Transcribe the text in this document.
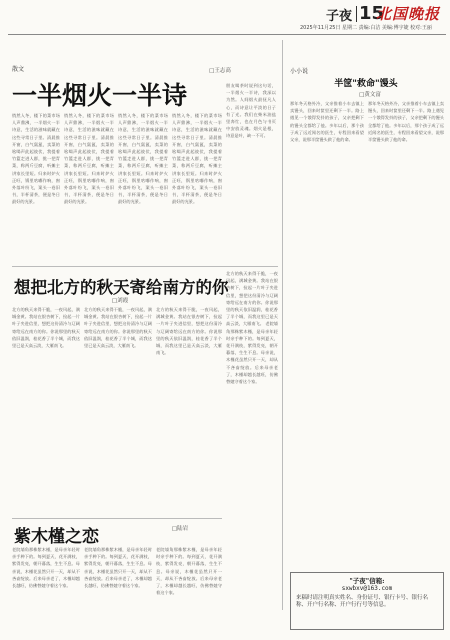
子夜 15
北国晚报
2025年11月25日 星期二 责编:白洁 美编:傅宇婕 校对:王丽
散文
一半烟火一半诗
□王志高
悄然入冬，楼下的菜市场人声鼎沸，一半烟火一半诗意，生活的滋味就藏在这些寻常日子里。清晨推开窗，白气氤氲，卖菜的吆喝声此起彼伏，我提着竹篮走进人群，挑一把青菜，称两斤豆腐，听摊主讲家长里短。归来时炉火正旺，锅里咕嘟作响，窗外落叶纷飞，案头一卷旧书，半杯清茶，便是冬日最好的光景。
悄然入冬，楼下的菜市场人声鼎沸，一半烟火一半诗意，生活的滋味就藏在这些寻常日子里。清晨推开窗，白气氤氲，卖菜的吆喝声此起彼伏，我提着竹篮走进人群，挑一把青菜，称两斤豆腐，听摊主讲家长里短。归来时炉火正旺，锅里咕嘟作响，窗外落叶纷飞，案头一卷旧书，半杯清茶，便是冬日最好的光景。
悄然入冬，楼下的菜市场人声鼎沸，一半烟火一半诗意，生活的滋味就藏在这些寻常日子里。清晨推开窗，白气氤氲，卖菜的吆喝声此起彼伏，我提着竹篮走进人群，挑一把青菜，称两斤豆腐，听摊主讲家长里短。归来时炉火正旺，锅里咕嘟作响，窗外落叶纷飞，案头一卷旧书，半杯清茶，便是冬日最好的光景。
悄然入冬，楼下的菜市场人声鼎沸，一半烟火一半诗意，生活的滋味就藏在这些寻常日子里。清晨推开窗，白气氤氲，卖菜的吆喝声此起彼伏，我提着竹篮走进人群，挑一把青菜，称两斤豆腐，听摊主讲家长里短。归来时炉火正旺，锅里咕嘟作响，窗外落叶纷飞，案头一卷旧书，半杯清茶，便是冬日最好的光景。
朋友喝茶时说到这句话，一半烟火一半诗，我深以为然。人间烟火最抚凡人心，而诗意让平淡的日子有了光。我们在柴米油盐里奔忙，也在月色与书页中安放灵魂。烟火是根，诗意是叶，缺一不可。
北方的秋天来得干脆，一夜风起，满城金黄。我站在银杏树下，捡起一片叶子夹进信里，想把这份清冷与辽阔寄给远在南方的你。你说那里的秋天依旧温润，桂花香了半个城，而我这里已是天高云淡，大雁南飞。 老院墙角那株紫木槿，是母亲年轻时亲手种下的。每到夏天，花开满枝，紫得发亮，朝开暮落，生生不息。母亲说，木槿花虽然只开一天，却从不吝啬绽放。后来母亲老了，木槿却越长越旺，仿佛替她守着这个家。
想把北方的秋天寄给南方的你
□刘霞
北方的秋天来得干脆，一夜风起，满城金黄。我站在银杏树下，捡起一片叶子夹进信里，想把这份清冷与辽阔寄给远在南方的你。你说那里的秋天依旧温润，桂花香了半个城，而我这里已是天高云淡，大雁南飞。
北方的秋天来得干脆，一夜风起，满城金黄。我站在银杏树下，捡起一片叶子夹进信里，想把这份清冷与辽阔寄给远在南方的你。你说那里的秋天依旧温润，桂花香了半个城，而我这里已是天高云淡，大雁南飞。
北方的秋天来得干脆，一夜风起，满城金黄。我站在银杏树下，捡起一片叶子夹进信里，想把这份清冷与辽阔寄给远在南方的你。你说那里的秋天依旧温润，桂花香了半个城，而我这里已是天高云淡，大雁南飞。
紫木槿之恋	□陆岩
老院墙角那株紫木槿，是母亲年轻时亲手种下的。每到夏天，花开满枝，紫得发亮，朝开暮落，生生不息。母亲说，木槿花虽然只开一天，却从不吝啬绽放。后来母亲老了，木槿却越长越旺，仿佛替她守着这个家。
老院墙角那株紫木槿，是母亲年轻时亲手种下的。每到夏天，花开满枝，紫得发亮，朝开暮落，生生不息。母亲说，木槿花虽然只开一天，却从不吝啬绽放。后来母亲老了，木槿却越长越旺，仿佛替她守着这个家。
老院墙角那株紫木槿，是母亲年轻时亲手种下的。每到夏天，花开满枝，紫得发亮，朝开暮落，生生不息。母亲说，木槿花虽然只开一天，却从不吝啬绽放。后来母亲老了，木槿却越长越旺，仿佛替她守着这个家。
小小说
半筐"救命"馒头
□黄文富
那年冬天格外冷，父亲推着小车去镇上卖馒头，回来时筐里还剩下一半。路上遇见一个饿得发抖的孩子，父亲把剩下的馒头全都给了他。多年以后，那个孩子成了远近闻名的医生，专程回来看望父亲，说那半筐馒头救了他的命。
那年冬天格外冷，父亲推着小车去镇上卖馒头，回来时筐里还剩下一半。路上遇见一个饿得发抖的孩子，父亲把剩下的馒头全都给了他。多年以后，那个孩子成了远近闻名的医生，专程回来看望父亲，说那半筐馒头救了他的命。
"子夜"信箱:
sxwbxv@163.com
来稿时请注明真实姓名、身份证号、银行卡号、银行名称、开户行名称、开户行行号等信息。
